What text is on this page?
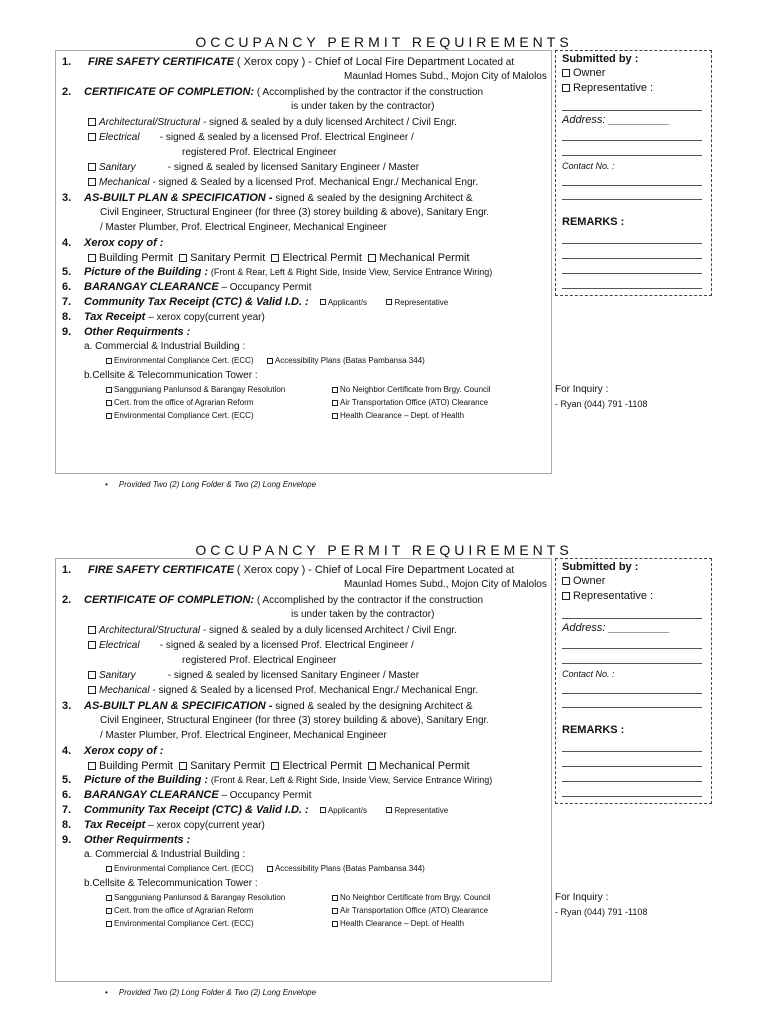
OCCUPANCY PERMIT REQUIREMENTS
1. FIRE SAFETY CERTIFICATE ( Xerox copy ) - Chief of Local Fire Department Located at
Maunlad Homes Subd., Mojon City of Malolos
2. CERTIFICATE OF COMPLETION: ( Accomplished by the contractor if the construction
is under taken by the contractor)
Architectural/Structural - signed & sealed by a duly licensed Architect / Civil Engr.
Electrical - signed & sealed by a licensed Prof. Electrical Engineer /
registered Prof. Electrical Engineer
Sanitary	- signed & sealed by licensed Sanitary Engineer / Master
Mechanical - signed & Sealed by a licensed Prof. Mechanical Engr./ Mechanical Engr.
3. AS-BUILT PLAN & SPECIFICATION - signed & sealed by the designing Architect &
Civil Engineer, Structural Engineer (for three (3) storey building & above), Sanitary Engr.
/ Master Plumber, Prof. Electrical Engineer, Mechanical Engineer
4. Xerox copy of :
Building Permit Sanitary Permit Electrical Permit Mechanical Permit
5. Picture of the Building : (Front & Rear, Left & Right Side, Inside View, Service Entrance Wiring)
6. BARANGAY CLEARANCE – Occupancy Permit
7. Community Tax Receipt (CTC) & Valid I.D. : Applicant/s	Representative
8. Tax Receipt – xerox copy(current year)
9. Other Requirments :
a. Commercial & Industrial Building :
Environmental Compliance Cert. (ECC)	Accessibility Plans (Batas Pambansa 344)
b.Cellsite & Telecommunication Tower :
Sangguniang Panlunsod & Barangay Resolution	No Neighbor Certificate from Brgy. Council
Cert. from the office of Agrarian Reform	Air Transportation Office (ATO) Clearance
Environmental Compliance Cert. (ECC)	Health Clearance – Dept. of Health
Submitted by :
Owner
Representative :
Address: __________
Contact No. :
REMARKS :
For Inquiry :
- Ryan (044) 791 -1108
•     Provided Two (2) Long Folder & Two (2) Long Envelope
OCCUPANCY PERMIT REQUIREMENTS
1. FIRE SAFETY CERTIFICATE ( Xerox copy ) - Chief of Local Fire Department Located at
Maunlad Homes Subd., Mojon City of Malolos
2. CERTIFICATE OF COMPLETION: ( Accomplished by the contractor if the construction
is under taken by the contractor)
Architectural/Structural - signed & sealed by a duly licensed Architect / Civil Engr.
Electrical - signed & sealed by a licensed Prof. Electrical Engineer /
registered Prof. Electrical Engineer
Sanitary	- signed & sealed by licensed Sanitary Engineer / Master
Mechanical - signed & Sealed by a licensed Prof. Mechanical Engr./ Mechanical Engr.
3. AS-BUILT PLAN & SPECIFICATION - signed & sealed by the designing Architect &
Civil Engineer, Structural Engineer (for three (3) storey building & above), Sanitary Engr.
/ Master Plumber, Prof. Electrical Engineer, Mechanical Engineer
4. Xerox copy of :
Building Permit Sanitary Permit Electrical Permit Mechanical Permit
5. Picture of the Building : (Front & Rear, Left & Right Side, Inside View, Service Entrance Wiring)
6. BARANGAY CLEARANCE – Occupancy Permit
7. Community Tax Receipt (CTC) & Valid I.D. : Applicant/s	Representative
8. Tax Receipt – xerox copy(current year)
9. Other Requirments :
a. Commercial & Industrial Building :
Environmental Compliance Cert. (ECC)	Accessibility Plans (Batas Pambansa 344)
b.Cellsite & Telecommunication Tower :
Sangguniang Panlunsod & Barangay Resolution	No Neighbor Certificate from Brgy. Council
Cert. from the office of Agrarian Reform	Air Transportation Office (ATO) Clearance
Environmental Compliance Cert. (ECC)	Health Clearance – Dept. of Health
Submitted by :
Owner
Representative :
Address: __________
Contact No. :
REMARKS :
For Inquiry :
- Ryan (044) 791 -1108
•     Provided Two (2) Long Folder & Two (2) Long Envelope
